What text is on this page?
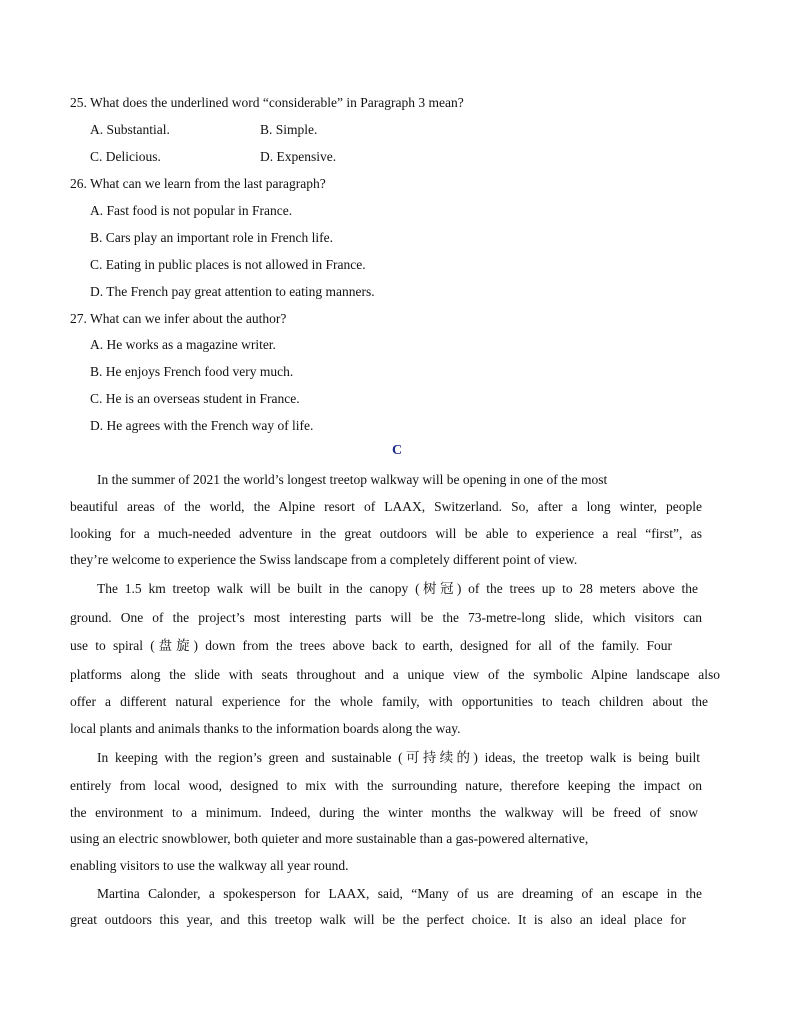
25. What does the underlined word “considerable” in Paragraph 3 mean?
A. Substantial.	B. Simple.
C. Delicious.	D. Expensive.
26. What can we learn from the last paragraph?
A. Fast food is not popular in France.
B. Cars play an important role in French life.
C. Eating in public places is not allowed in France.
D. The French pay great attention to eating manners.
27. What can we infer about the author?
A. He works as a magazine writer.
B. He enjoys French food very much.
C. He is an overseas student in France.
D. He agrees with the French way of life.
C
In the summer of 2021 the world’s longest treetop walkway will be opening in one of the most
beautiful areas of the world, the Alpine resort of LAAX, Switzerland. So, after a long winter, people
looking for a much-needed adventure in the great outdoors will be able to experience a real “first”, as
they’re welcome to experience the Swiss landscape from a completely different point of view.
The 1.5 km treetop walk will be built in the canopy (树冠) of the trees up to 28 meters above the
ground. One of the project’s most interesting parts will be the 73-metre-long slide, which visitors can
use to spiral (盘旋) down from the trees above back to earth, designed for all of the family. Four
platforms along the slide with seats throughout and a unique view of the symbolic Alpine landscape also
offer a different natural experience for the whole family, with opportunities to teach children about the
local plants and animals thanks to the information boards along the way.
In keeping with the region’s green and sustainable (可持续的) ideas, the treetop walk is being built
entirely from local wood, designed to mix with the surrounding nature, therefore keeping the impact on
the environment to a minimum. Indeed, during the winter months the walkway will be freed of snow
using an electric snowblower, both quieter and more sustainable than a gas-powered alternative,
enabling visitors to use the walkway all year round.
Martina Calonder, a spokesperson for LAAX, said, “Many of us are dreaming of an escape in the
great outdoors this year, and this treetop walk will be the perfect choice. It is also an ideal place for
